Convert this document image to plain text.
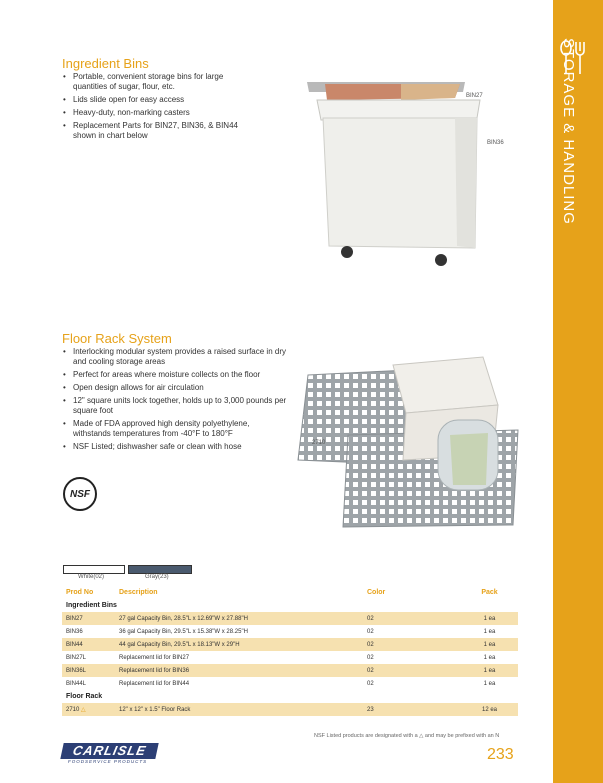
STORAGE & HANDLING
Ingredient Bins
• Portable, convenient storage bins for large quantities of sugar, flour, etc.
• Lids slide open for easy access
• Heavy-duty, non-marking casters
• Replacement Parts for BIN27, BIN36, & BIN44 shown in chart below
BIN27
BIN36
Floor Rack System
• Interlocking modular system provides a raised surface in dry and cooling storage areas
• Perfect for areas where moisture collects on the floor
• Open design allows for air circulation
• 12" square units lock together, holds up to 3,000 pounds per square foot
• Made of FDA approved high density polyethylene, withstands temperatures from -40°F to 180°F
• NSF Listed; dishwasher safe or clean with hose
NSF
2710
White(02)	Gray(23)
Prod No	Description	Color	Pack
Ingredient Bins			
BIN27	27 gal Capacity Bin, 28.5"L x 12.69"W x 27.88"H	02	1 ea
BIN36	36 gal Capacity Bin, 29.5"L x 15.38"W x 28.25"H	02	1 ea
BIN44	44 gal Capacity Bin, 29.5"L x 18.13"W x 29"H	02	1 ea
BIN27L	Replacement lid for BIN27	02	1 ea
BIN36L	Replacement lid for BIN36	02	1 ea
BIN44L	Replacement lid for BIN44	02	1 ea
Floor Rack			
2710 △	12" x 12" x 1.5" Floor Rack	23	12 ea
NSF Listed products are designated with a △ and may be prefixed with an N
233
CARLISLE
FOODSERVICE PRODUCTS
